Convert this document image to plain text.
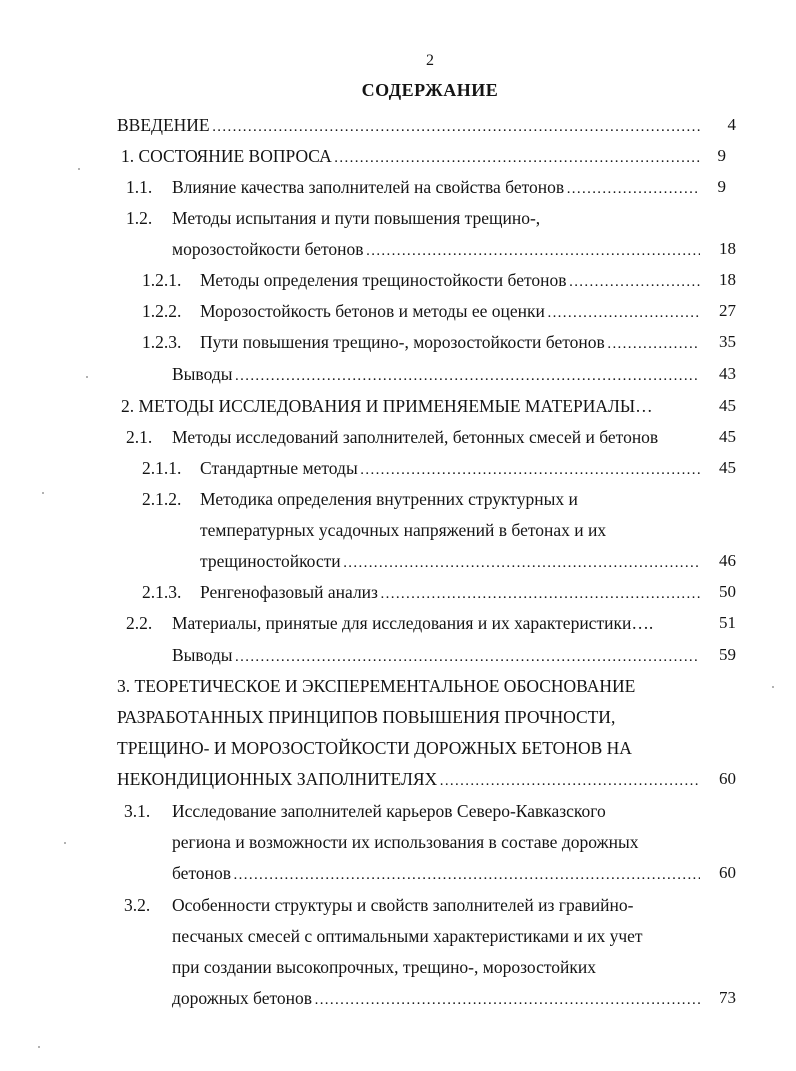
2
СОДЕРЖАНИЕ
ВВЕДЕНИЕ . . .	4
1. СОСТОЯНИЕ ВОПРОСА . . .	9
1.1. Влияние качества заполнителей на свойства бетонов . . .	9
1.2. Методы испытания и пути повышения трещино-,
морозостойкости бетонов . . .	18
1.2.1. Методы определения трещиностойкости бетонов . . .	18
1.2.2. Морозостойкость бетонов и методы ее оценки . . .	27
1.2.3. Пути повышения трещино-, морозостойкости бетонов . . .	35
Выводы . . .	43
2. МЕТОДЫ ИССЛЕДОВАНИЯ И ПРИМЕНЯЕМЫЕ МАТЕРИАЛЫ…	45
2.1. Методы исследований заполнителей, бетонных смесей и бетонов	45
2.1.1. Стандартные методы . . .	45
2.1.2. Методика определения внутренних структурных и
температурных усадочных напряжений в бетонах и их
трещиностойкости . . .	46
2.1.3. Ренгенофазовый анализ . . .	50
2.2. Материалы, принятые для исследования и их характеристики….	51
Выводы . . .	59
3. ТЕОРЕТИЧЕСКОЕ И ЭКСПЕРЕМЕНТАЛЬНОЕ ОБОСНОВАНИЕ
РАЗРАБОТАННЫХ ПРИНЦИПОВ ПОВЫШЕНИЯ ПРОЧНОСТИ,
ТРЕЩИНО- И МОРОЗОСТОЙКОСТИ ДОРОЖНЫХ БЕТОНОВ НА
НЕКОНДИЦИОННЫХ ЗАПОЛНИТЕЛЯХ . . .	60
3.1. Исследование заполнителей карьеров Северо-Кавказского
региона и возможности их использования в составе дорожных
бетонов . . .	60
3.2. Особенности структуры и свойств заполнителей из гравийно-
песчаных смесей с оптимальными характеристиками и их учет
при создании высокопрочных, трещино-, морозостойких
дорожных бетонов . . .	73
